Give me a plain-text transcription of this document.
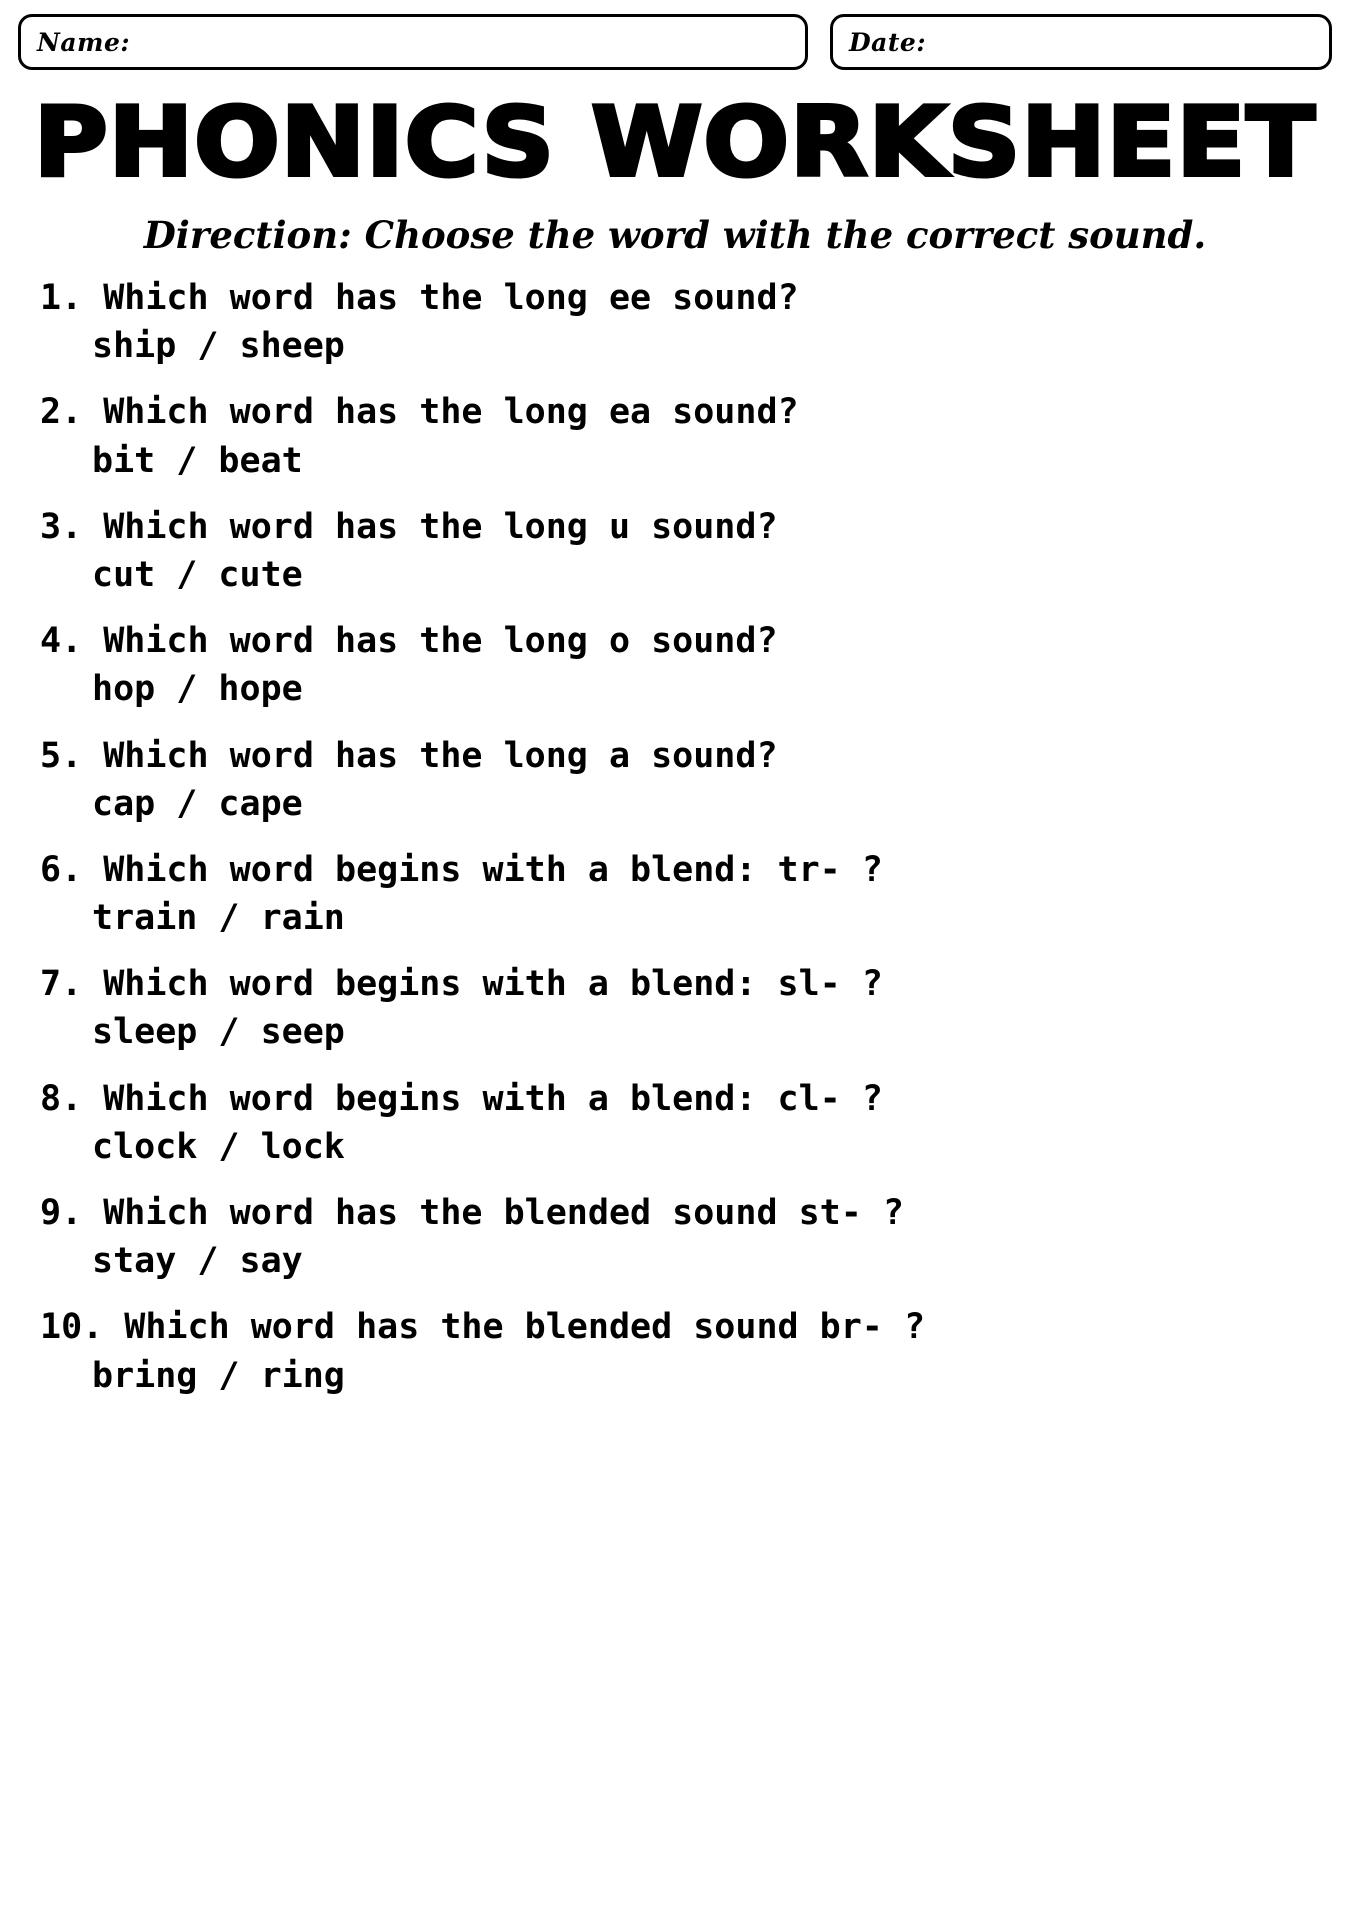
Name:	Date:
PHONICS WORKSHEET
Direction: Choose the word with the correct sound.
1. Which word has the long ee sound?
ship / sheep
2. Which word has the long ea sound?
bit / beat
3. Which word has the long u sound?
cut / cute
4. Which word has the long o sound?
hop / hope
5. Which word has the long a sound?
cap / cape
6. Which word begins with a blend: tr- ?
train / rain
7. Which word begins with a blend: sl- ?
sleep / seep
8. Which word begins with a blend: cl- ?
clock / lock
9. Which word has the blended sound st- ?
stay / say
10. Which word has the blended sound br- ?
bring / ring
